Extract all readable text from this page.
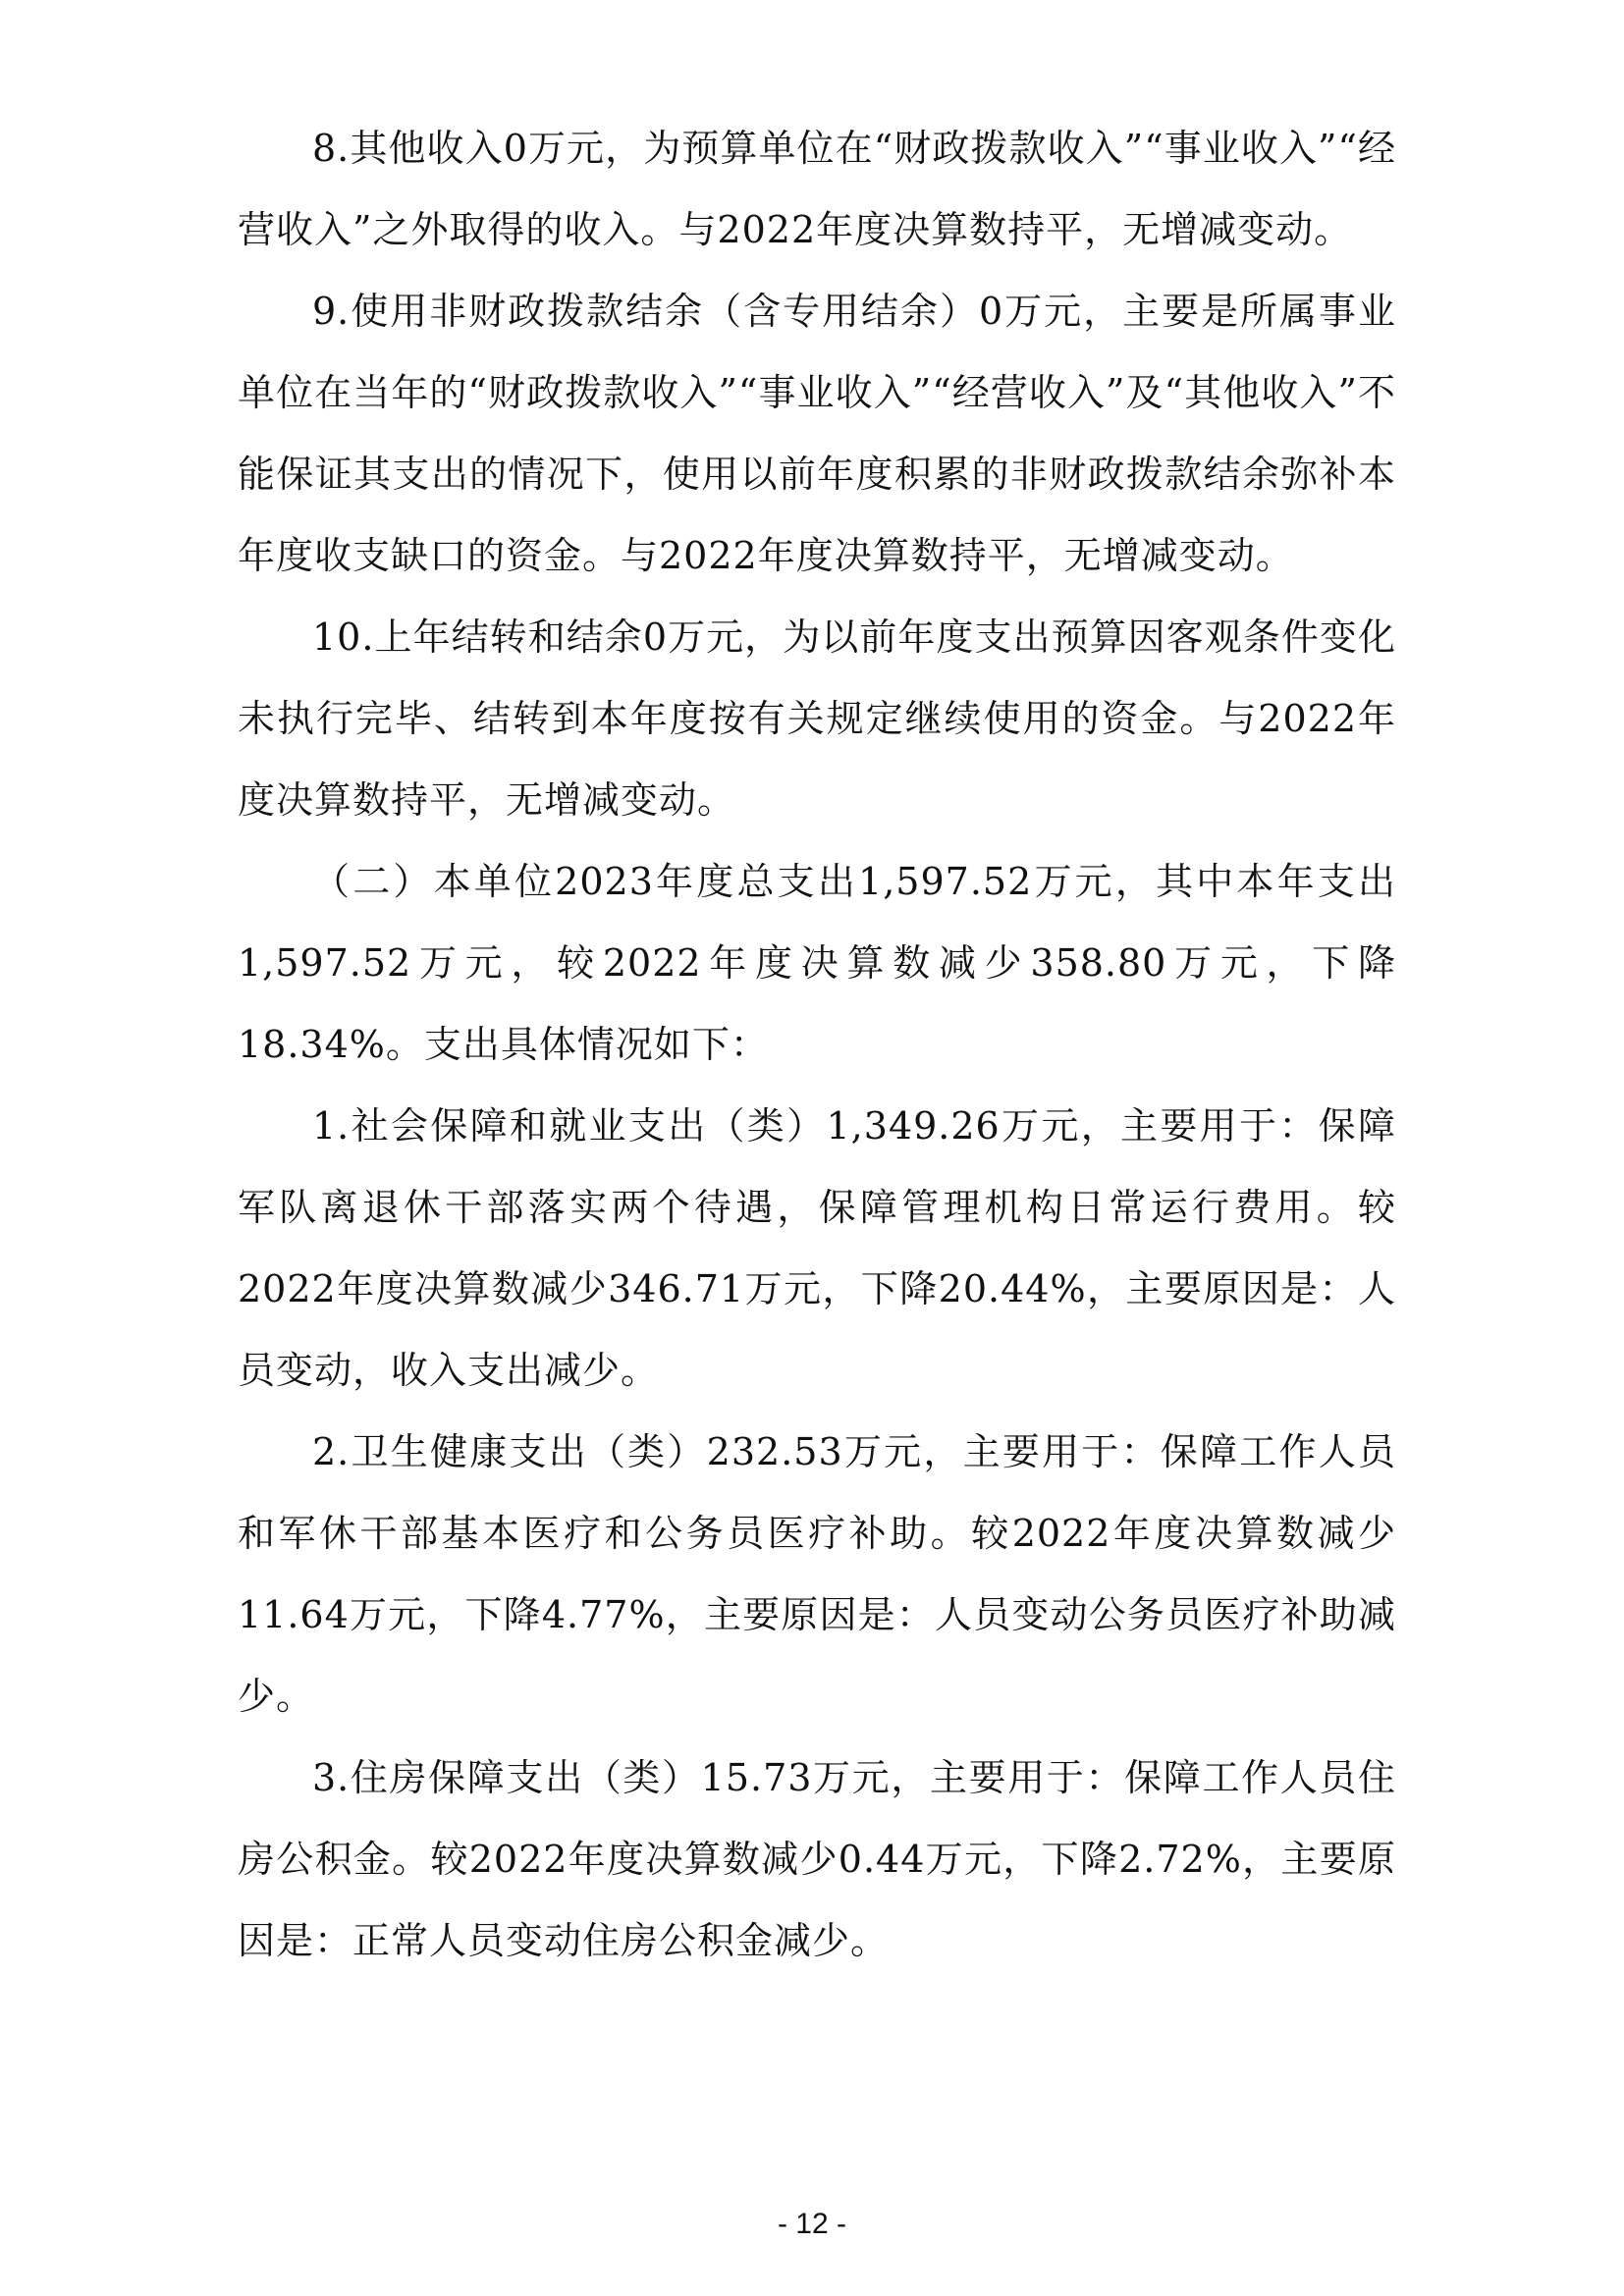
8.其他收入0万元，为预算单位在“财政拨款收入”“事业收入”“经营收入”之外取得的收入。与2022年度决算数持平，无增减变动。

9.使用非财政拨款结余（含专用结余）0万元，主要是所属事业单位在当年的“财政拨款收入”“事业收入”“经营收入”及“其他收入”不能保证其支出的情况下，使用以前年度积累的非财政拨款结余弥补本年度收支缺口的资金。与2022年度决算数持平，无增减变动。

10.上年结转和结余0万元，为以前年度支出预算因客观条件变化未执行完毕、结转到本年度按有关规定继续使用的资金。与2022年度决算数持平，无增减变动。

（二）本单位2023年度总支出1,597.52万元，其中本年支出1,597.52万元，较2022年度决算数减少358.80万元，下降18.34%。支出具体情况如下：

1.社会保障和就业支出（类）1,349.26万元，主要用于：保障军队离退休干部落实两个待遇，保障管理机构日常运行费用。较2022年度决算数减少346.71万元，下降20.44%，主要原因是：人员变动，收入支出减少。

2.卫生健康支出（类）232.53万元，主要用于：保障工作人员和军休干部基本医疗和公务员医疗补助。较2022年度决算数减少11.64万元，下降4.77%，主要原因是：人员变动公务员医疗补助减少。

3.住房保障支出（类）15.73万元，主要用于：保障工作人员住房公积金。较2022年度决算数减少0.44万元，下降2.72%，主要原因是：正常人员变动住房公积金减少。

- 12 -
